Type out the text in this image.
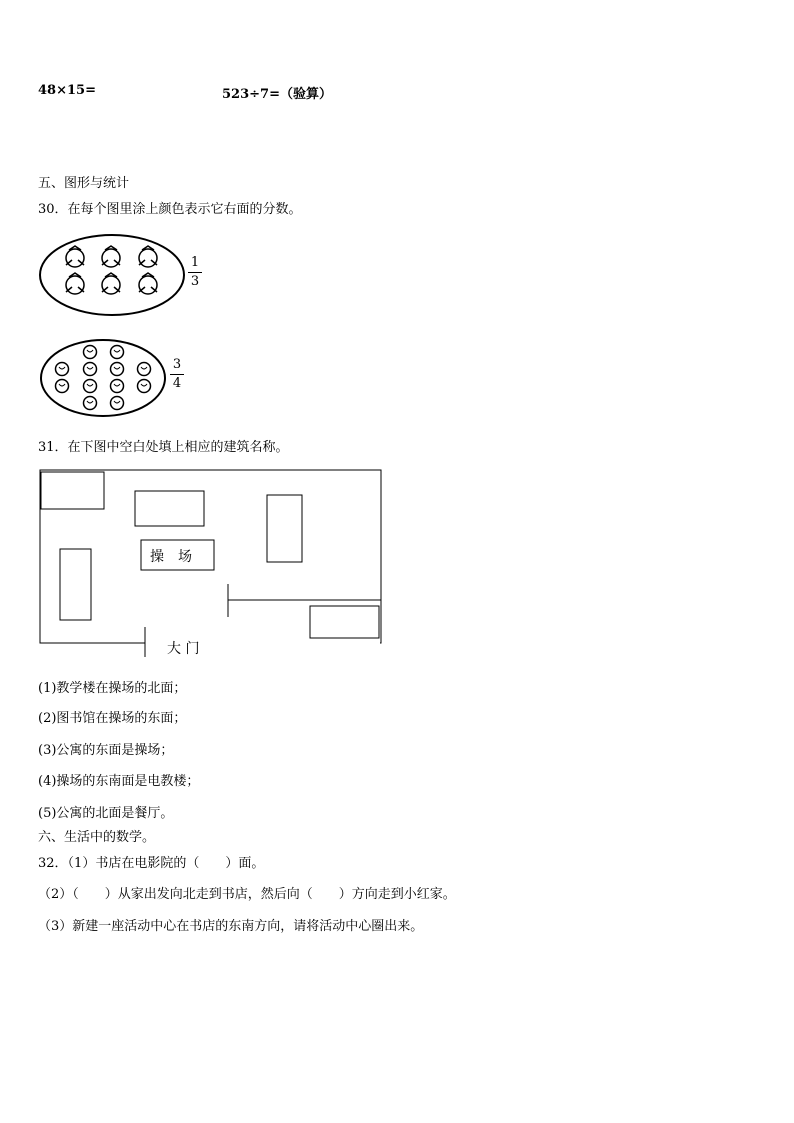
48×15=	523÷7=（验算）
五、图形与统计
30．在每个图里涂上颜色表示它右面的分数。
1
3
3
4
31．在下图中空白处填上相应的建筑名称。
操　场
大 门
(1)教学楼在操场的北面；
(2)图书馆在操场的东面；
(3)公寓的东面是操场；
(4)操场的东南面是电教楼；
(5)公寓的北面是餐厅。
六、生活中的数学。
32．（1）书店在电影院的（　　）面。
（2）（　　）从家出发向北走到书店，然后向（　　）方向走到小红家。
（3）新建一座活动中心在书店的东南方向，请将活动中心圈出来。
